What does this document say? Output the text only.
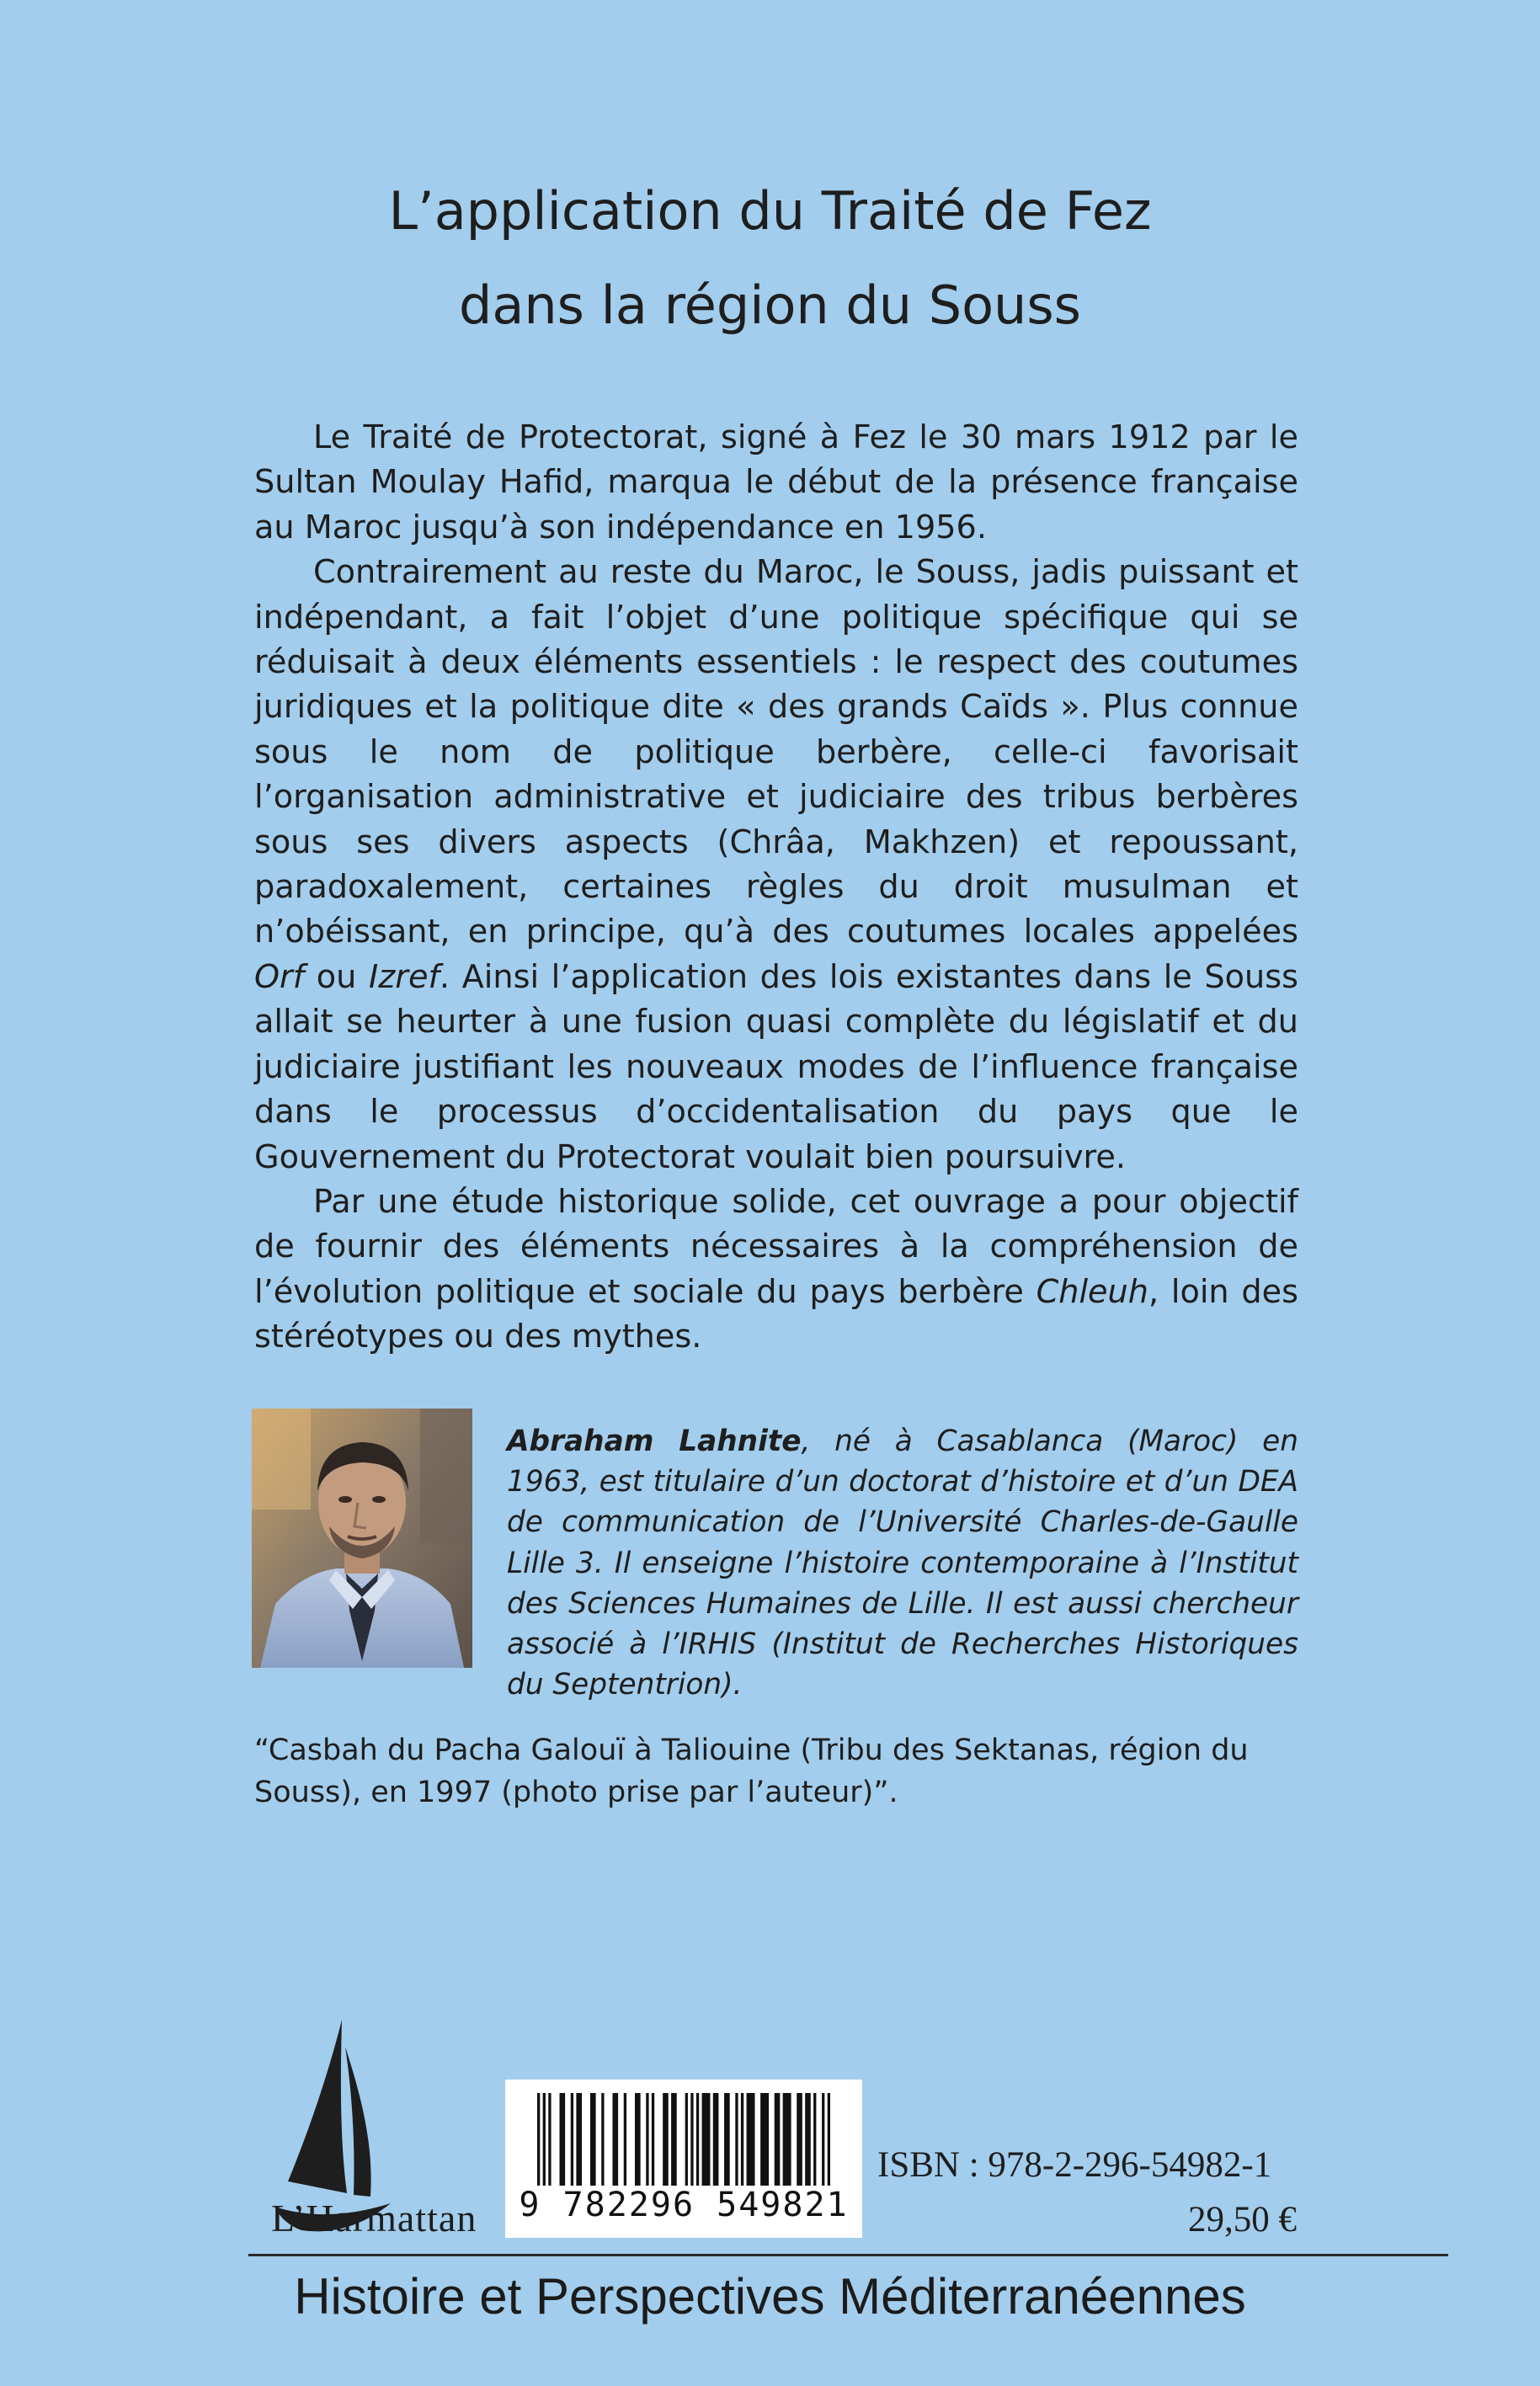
L’application du Traité de Fez
dans la région du Souss

Le Traité de Protectorat, signé à Fez le 30 mars 1912 par le Sultan Moulay Hafid, marqua le début de la présence française au Maroc jusqu’à son indépendance en 1956.

Contrairement au reste du Maroc, le Souss, jadis puissant et indépendant, a fait l’objet d’une politique spécifique qui se réduisait à deux éléments essentiels : le respect des coutumes juridiques et la politique dite « des grands Caïds ». Plus connue sous le nom de politique berbère, celle-ci favorisait l’organisation administrative et judiciaire des tribus berbères sous ses divers aspects (Chrâa, Makhzen) et repoussant, paradoxalement, certaines règles du droit musulman et n’obéissant, en principe, qu’à des coutumes locales appelées Orf ou Izref. Ainsi l’application des lois existantes dans le Souss allait se heurter à une fusion quasi complète du législatif et du judiciaire justifiant les nouveaux modes de l’influence française dans le processus d’occidentalisation du pays que le Gouvernement du Protectorat voulait bien poursuivre.

Par une étude historique solide, cet ouvrage a pour objectif de fournir des éléments nécessaires à la compréhension de l’évolution politique et sociale du pays berbère Chleuh, loin des stéréotypes ou des mythes.

Abraham Lahnite, né à Casablanca (Maroc) en 1963, est titulaire d’un doctorat d’histoire et d’un DEA de communication de l’Université Charles-de-Gaulle Lille 3. Il enseigne l’histoire contemporaine à l’Institut des Sciences Humaines de Lille. Il est aussi chercheur associé à l’IRHIS (Institut de Recherches Historiques du Septentrion).

“Casbah du Pacha Galouï à Taliouine (Tribu des Sektanas, région du Souss), en 1997 (photo prise par l’auteur)”.

L’Harmattan	9 782296 549821
ISBN : 978-2-296-54982-1
29,50 €
Histoire et Perspectives Méditerranéennes
